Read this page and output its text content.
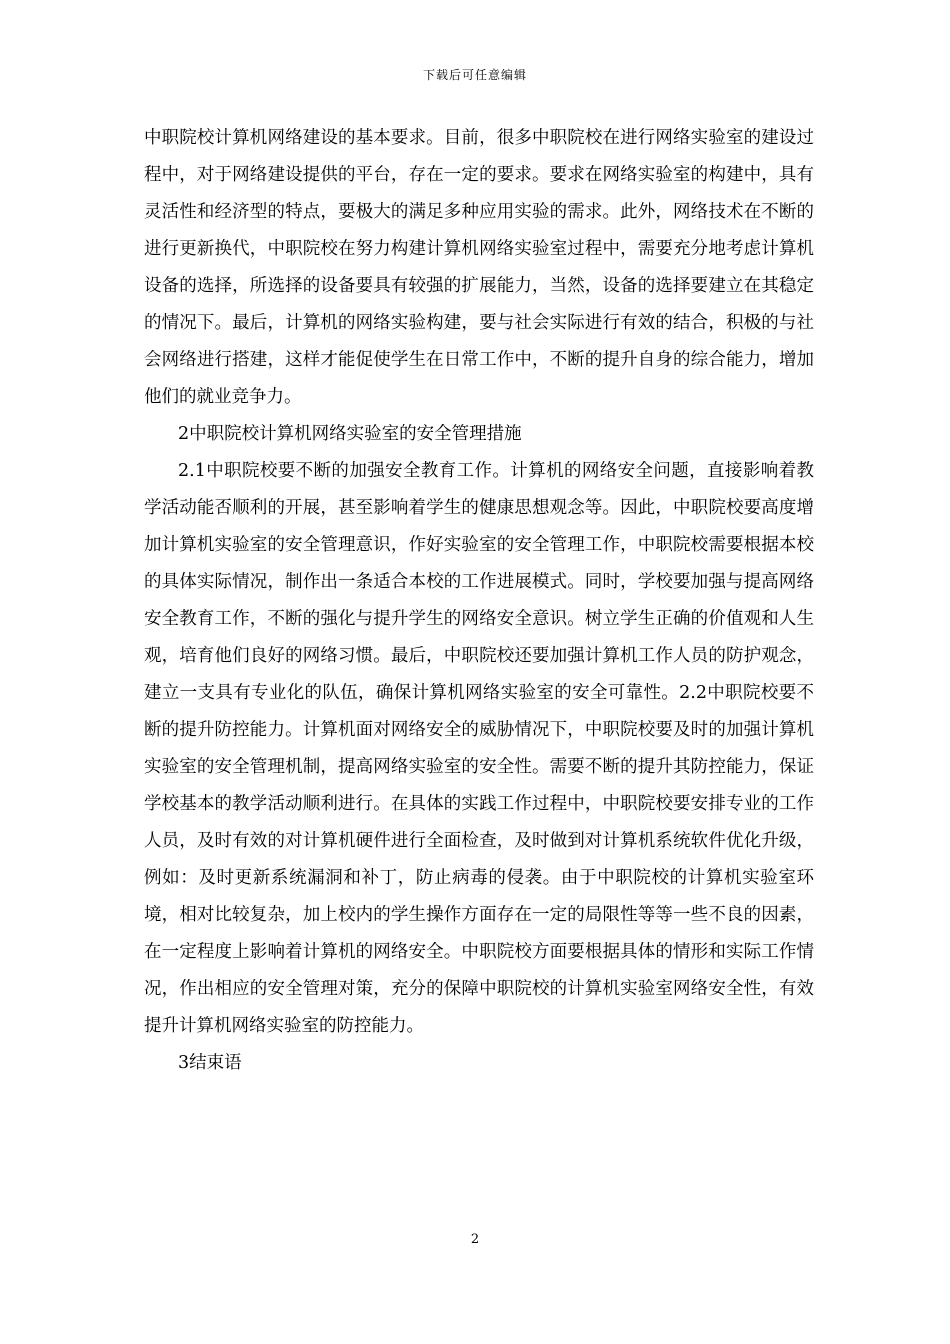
下载后可任意编辑

中职院校计算机网络建设的基本要求。目前，很多中职院校在进行网络实验室的建设过程中，对于网络建设提供的平台，存在一定的要求。要求在网络实验室的构建中，具有灵活性和经济型的特点，要极大的满足多种应用实验的需求。此外，网络技术在不断的进行更新换代，中职院校在努力构建计算机网络实验室过程中，需要充分地考虑计算机设备的选择，所选择的设备要具有较强的扩展能力，当然，设备的选择要建立在其稳定的情况下。最后，计算机的网络实验构建，要与社会实际进行有效的结合，积极的与社会网络进行搭建，这样才能促使学生在日常工作中，不断的提升自身的综合能力，增加他们的就业竞争力。

2中职院校计算机网络实验室的安全管理措施

2.1中职院校要不断的加强安全教育工作。计算机的网络安全问题，直接影响着教学活动能否顺利的开展，甚至影响着学生的健康思想观念等。因此，中职院校要高度增加计算机实验室的安全管理意识，作好实验室的安全管理工作，中职院校需要根据本校的具体实际情况，制作出一条适合本校的工作进展模式。同时，学校要加强与提高网络安全教育工作，不断的强化与提升学生的网络安全意识。树立学生正确的价值观和人生观，培育他们良好的网络习惯。最后，中职院校还要加强计算机工作人员的防护观念，建立一支具有专业化的队伍，确保计算机网络实验室的安全可靠性。2.2中职院校要不断的提升防控能力。计算机面对网络安全的威胁情况下，中职院校要及时的加强计算机实验室的安全管理机制，提高网络实验室的安全性。需要不断的提升其防控能力，保证学校基本的教学活动顺利进行。在具体的实践工作过程中，中职院校要安排专业的工作人员，及时有效的对计算机硬件进行全面检查，及时做到对计算机系统软件优化升级，例如：及时更新系统漏洞和补丁，防止病毒的侵袭。由于中职院校的计算机实验室环境，相对比较复杂，加上校内的学生操作方面存在一定的局限性等等一些不良的因素，在一定程度上影响着计算机的网络安全。中职院校方面要根据具体的情形和实际工作情况，作出相应的安全管理对策，充分的保障中职院校的计算机实验室网络安全性，有效提升计算机网络实验室的防控能力。

3结束语

2
